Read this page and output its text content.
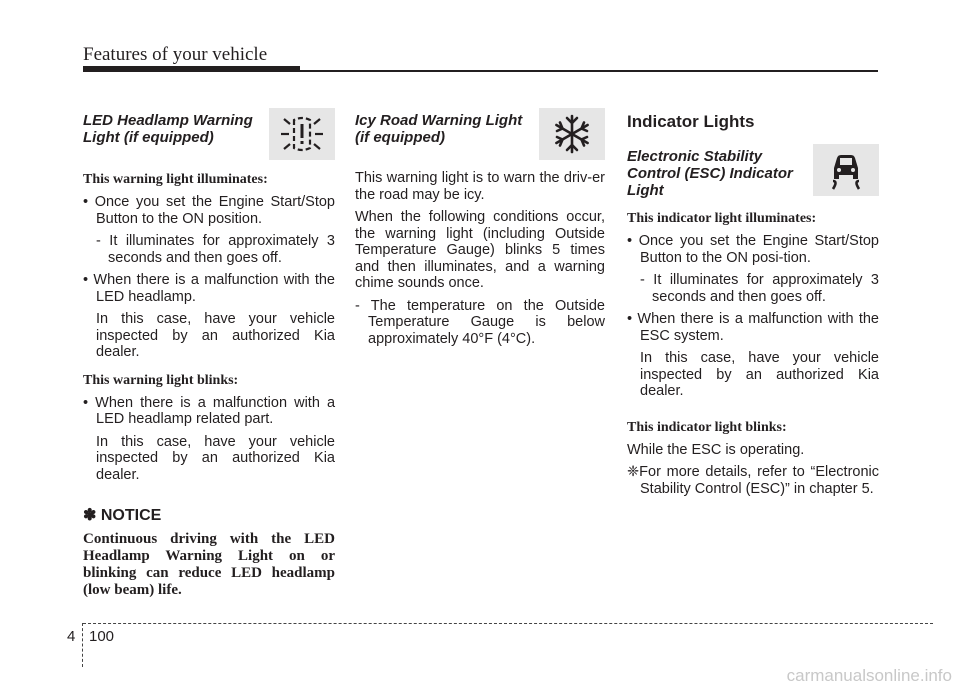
Features of your vehicle
LED Headlamp Warning
Light (if equipped)
This warning light illuminates:

• Once you set the Engine Start/Stop Button to the ON position.

- It illuminates for approximately 3 seconds and then goes off.

• When there is a malfunction with the LED headlamp.

In this case, have your vehicle inspected by an authorized Kia dealer.

This warning light blinks:

• When there is a malfunction with a LED headlamp related part.

In this case, have your vehicle inspected by an authorized Kia dealer.

✽ NOTICE
Continuous driving with the LED Headlamp Warning Light on or blinking can reduce LED headlamp (low beam) life.
Icy Road Warning Light
(if equipped)

This warning light is to warn the driv-er the road may be icy.

When the following conditions occur, the warning light (including Outside Temperature Gauge) blinks 5 times and then illuminates, and a warning chime sounds once.

- The temperature on the Outside Temperature Gauge is below approximately 40°F (4°C).

Indicator Lights
Electronic Stability
Control (ESC) Indicator
Light
This indicator light illuminates:

• Once you set the Engine Start/Stop Button to the ON posi-tion.

- It illuminates for approximately 3 seconds and then goes off.

• When there is a malfunction with the ESC system.

In this case, have your vehicle inspected by an authorized Kia dealer.

This indicator light blinks:

While the ESC is operating.

❈For more details, refer to “Electronic Stability Control (ESC)” in chapter 5.

4 100
carmanualsonline.info
